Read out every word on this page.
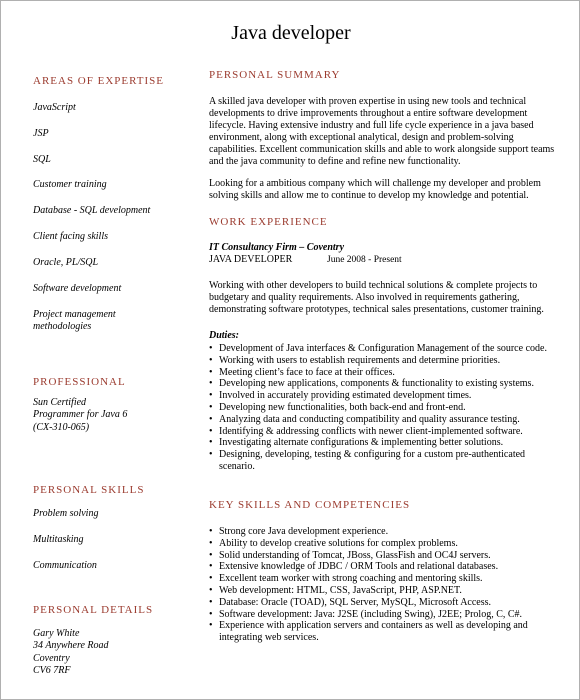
Java developer
AREAS OF EXPERTISE
JavaScript
JSP
SQL
Customer training
Database - SQL development
Client facing skills
Oracle, PL/SQL
Software development
Project management methodologies
PROFESSIONAL
Sun Certified
Programmer for Java 6
(CX-310-065)
PERSONAL SKILLS
Problem solving
Multitasking
Communication
PERSONAL DETAILS
Gary White
34 Anywhere Road
Coventry
CV6 7RF
PERSONAL SUMMARY
A skilled java developer with proven expertise in using new tools and technical developments to drive improvements throughout a entire software development lifecycle. Having extensive industry and full life cycle experience in a java based environment, along with exceptional analytical, design and problem-solving capabilities. Excellent communication skills and able to work alongside support teams and the java community to define and refine new functionality.
Looking for a ambitious company which will challenge my developer and problem solving skills and allow me to continue to develop my knowledge and potential.
WORK EXPERIENCE
IT Consultancy Firm – Coventry
JAVA DEVELOPER	June 2008 - Present
Working with other developers to build technical solutions & complete projects to budgetary and quality requirements. Also involved in requirements gathering, demonstrating software prototypes, technical sales presentations, customer training.
Duties:
• Development of Java interfaces & Configuration Management of the source code.
• Working with users to establish requirements and determine priorities.
• Meeting client’s face to face at their offices.
• Developing new applications, components & functionality to existing systems.
• Involved in accurately providing estimated development times.
• Developing new functionalities, both back-end and front-end.
• Analyzing data and conducting compatibility and quality assurance testing.
• Identifying & addressing conflicts with newer client-implemented software.
• Investigating alternate configurations & implementing better solutions.
• Designing, developing, testing & configuring for a custom pre-authenticated scenario.
KEY SKILLS AND COMPETENCIES
• Strong core Java development experience.
• Ability to develop creative solutions for complex problems.
• Solid understanding of Tomcat, JBoss, GlassFish and OC4J servers.
• Extensive knowledge of JDBC / ORM Tools and relational databases.
• Excellent team worker with strong coaching and mentoring skills.
• Web development: HTML, CSS, JavaScript, PHP, ASP.NET.
• Database: Oracle (TOAD), SQL Server, MySQL, Microsoft Access.
• Software development: Java: J2SE (including Swing), J2EE; Prolog, C, C#.
• Experience with application servers and containers as well as developing and integrating web services.
